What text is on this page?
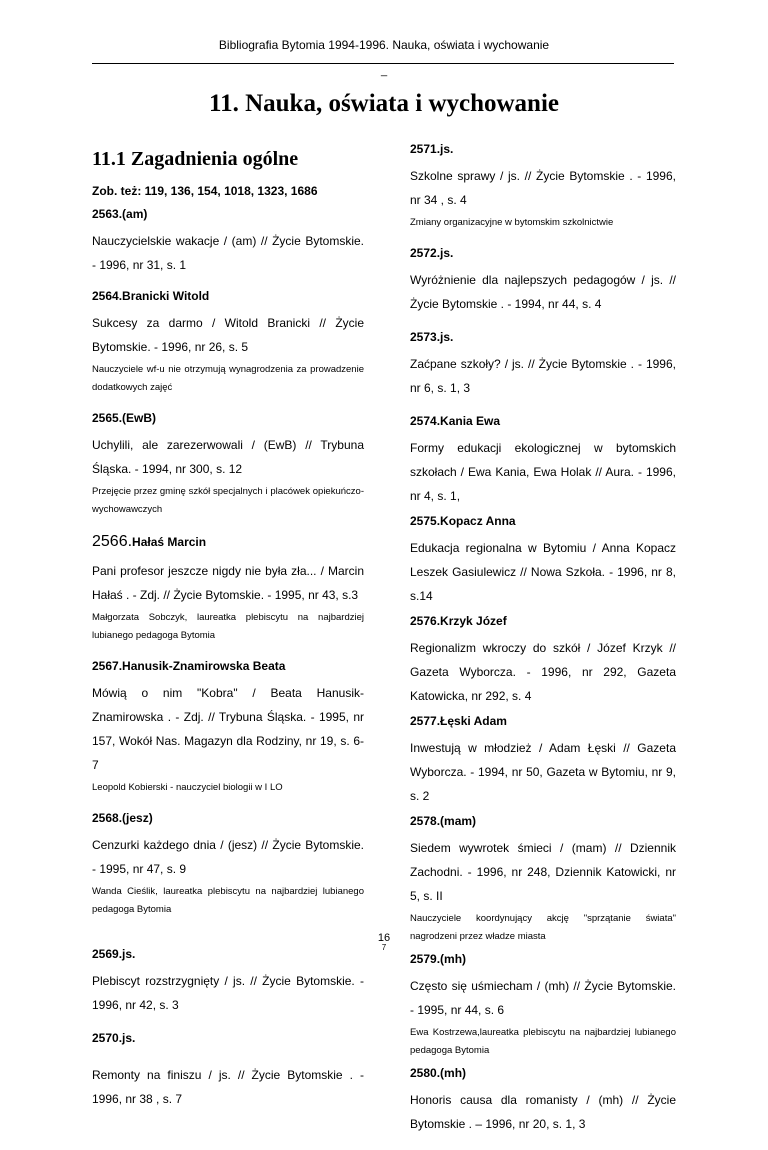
Bibliografia Bytomia 1994-1996. Nauka, oświata i wychowanie
_
11. Nauka, oświata i wychowanie
11.1 Zagadnienia ogólne
Zob. też: 119, 136, 154, 1018, 1323, 1686
2563.(am)
Nauczycielskie wakacje / (am) // Życie Bytomskie. - 1996, nr 31, s. 1
2564.Branicki Witold
Sukcesy za darmo / Witold Branicki // Życie Bytomskie. - 1996, nr 26, s. 5
Nauczyciele wf-u nie otrzymują wynagrodzenia za prowadzenie dodatkowych zajęć
2565.(EwB)
Uchylili, ale zarezerwowali / (EwB) // Trybuna Śląska. - 1994, nr 300, s. 12
Przejęcie przez gminę szkół specjalnych i placówek opiekuńczo-wychowawczych
2566.Hałaś Marcin
Pani profesor jeszcze nigdy nie była zła... / Marcin Hałaś . - Zdj. // Życie Bytomskie. - 1995, nr 43, s.3
Małgorzata Sobczyk, laureatka plebiscytu na najbardziej lubianego pedagoga Bytomia
2567.Hanusik-Znamirowska Beata
Mówią o nim "Kobra" / Beata Hanusik-Znamirowska . - Zdj. // Trybuna Śląska. - 1995, nr 157, Wokół Nas. Magazyn dla Rodziny, nr 19, s. 6-7
Leopold Kobierski - nauczyciel biologii w I LO
2568.(jesz)
Cenzurki każdego dnia / (jesz) // Życie Bytomskie. - 1995, nr 47, s. 9
Wanda Cieślik, laureatka plebiscytu na najbardziej lubianego pedagoga Bytomia
2569.js.
Plebiscyt rozstrzygnięty / js. // Życie Bytomskie. - 1996, nr 42, s. 3
2570.js.
Remonty na finiszu / js. // Życie Bytomskie . - 1996, nr 38 , s. 7
2571.js.
Szkolne sprawy / js. // Życie Bytomskie . - 1996, nr 34 , s. 4
Zmiany organizacyjne w bytomskim szkolnictwie
2572.js.
Wyróżnienie dla najlepszych pedagogów / js. // Życie Bytomskie . - 1994, nr 44, s. 4
2573.js.
Zaćpane szkoły? / js. // Życie Bytomskie . - 1996, nr 6, s. 1, 3
2574.Kania Ewa
Formy edukacji ekologicznej w bytomskich szkołach / Ewa Kania, Ewa Holak // Aura. - 1996, nr 4, s. 1,
2575.Kopacz Anna
Edukacja regionalna w Bytomiu / Anna Kopacz Leszek Gasiulewicz // Nowa Szkoła. - 1996, nr 8, s.14
2576.Krzyk Józef
Regionalizm wkroczy do szkół / Józef Krzyk // Gazeta Wyborcza. - 1996, nr 292, Gazeta Katowicka, nr 292, s. 4
2577.Łęski Adam
Inwestują w młodzież / Adam Łęski // Gazeta Wyborcza. - 1994, nr 50, Gazeta w Bytomiu, nr 9, s. 2
2578.(mam)
Siedem wywrotek śmieci / (mam) // Dziennik Zachodni. - 1996, nr 248, Dziennik Katowicki, nr 5, s. II
Nauczyciele koordynujący akcję "sprzątanie świata" nagrodzeni przez władze miasta
2579.(mh)
Często się uśmiecham / (mh) // Życie Bytomskie. - 1995, nr 44, s. 6
Ewa Kostrzewa,laureatka plebiscytu na najbardziej lubianego pedagoga Bytomia
2580.(mh)
Honoris causa dla romanisty / (mh) // Życie Bytomskie . – 1996, nr 20, s. 1, 3
16
7
